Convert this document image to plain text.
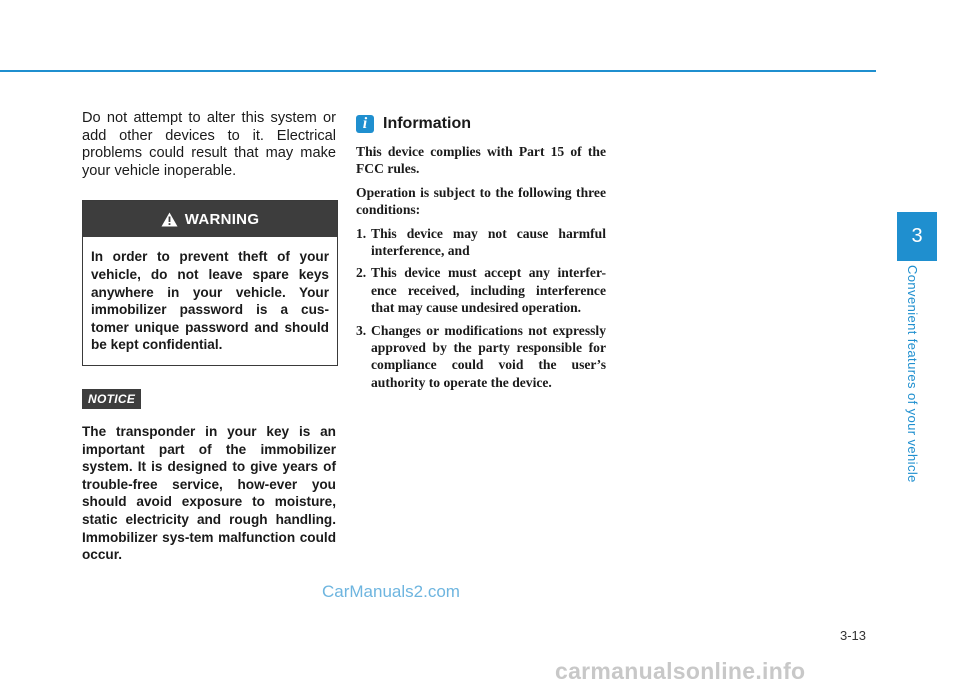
Do not attempt to alter this system or add other devices to it. Electrical problems could result that may make your vehicle inoperable.

WARNING
In order to prevent theft of your vehicle, do not leave spare keys anywhere in your vehicle. Your immobilizer password is a cus-tomer unique password and should be kept confidential.
NOTICE

The transponder in your key is an important part of the immobilizer system. It is designed to give years of trouble-free service, how-ever you should avoid exposure to moisture, static electricity and rough handling. Immobilizer sys-tem malfunction could occur.

i Information

This device complies with Part 15 of the FCC rules.

Operation is subject to the following three conditions:

1. This device may not cause harmful interference, and
2. This device must accept any interfer-ence received, including interference that may cause undesired operation.
3. Changes or modifications not expressly approved by the party responsible for compliance could void the user’s authority to operate the device.
3
Convenient features of your vehicle
3-13
CarManuals2.com
carmanualsonline.info
